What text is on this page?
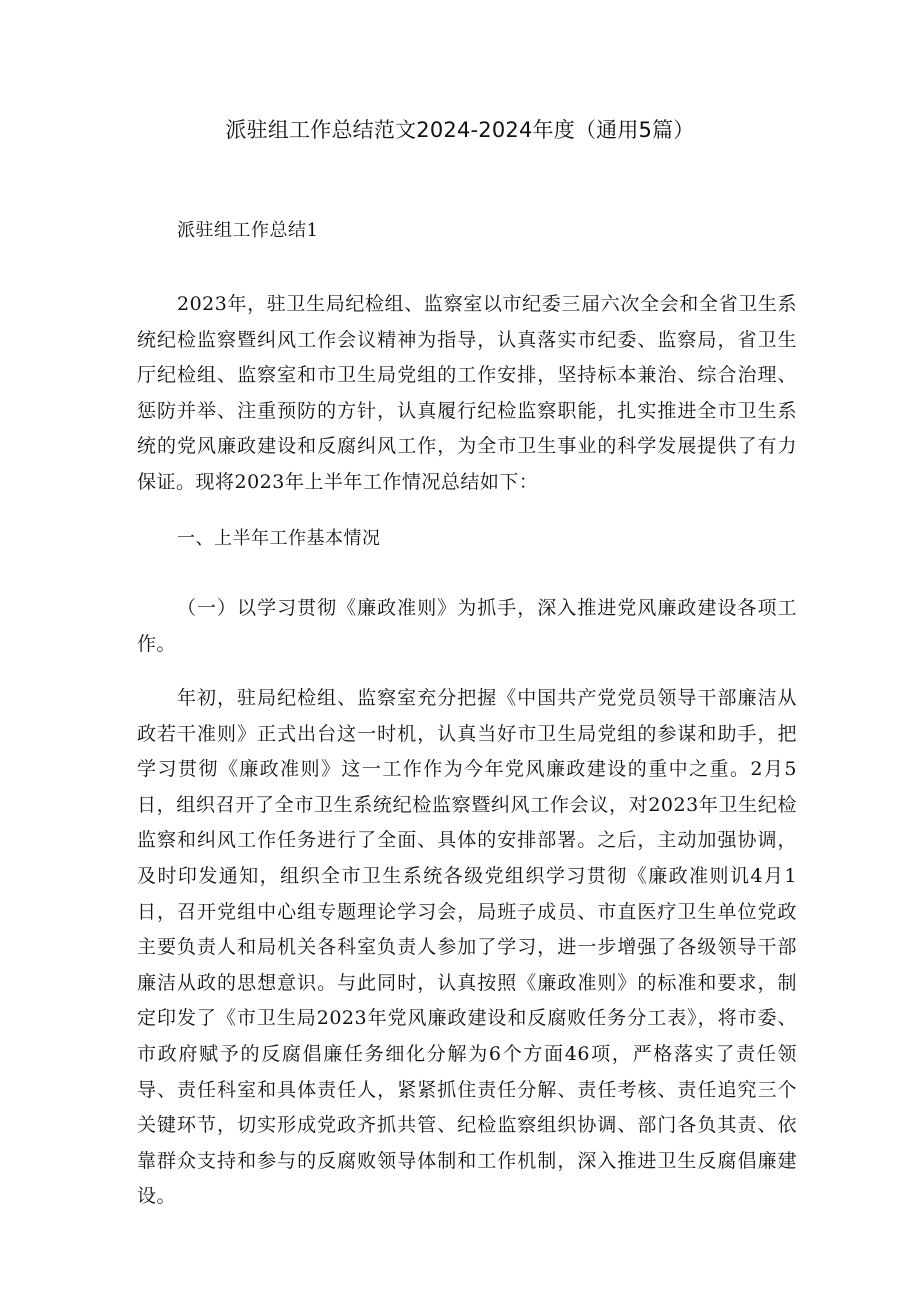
派驻组工作总结范文2024-2024年度（通用5篇）

派驻组工作总结1

2023年，驻卫生局纪检组、监察室以市纪委三届六次全会和全省卫生系统纪检监察暨纠风工作会议精神为指导，认真落实市纪委、监察局，省卫生厅纪检组、监察室和市卫生局党组的工作安排，坚持标本兼治、综合治理、惩防并举、注重预防的方针，认真履行纪检监察职能，扎实推进全市卫生系统的党风廉政建设和反腐纠风工作，为全市卫生事业的科学发展提供了有力保证。现将2023年上半年工作情况总结如下：

一、上半年工作基本情况

（一）以学习贯彻《廉政准则》为抓手，深入推进党风廉政建设各项工作。

年初，驻局纪检组、监察室充分把握《中国共产党党员领导干部廉洁从政若干准则》正式出台这一时机，认真当好市卫生局党组的参谋和助手，把学习贯彻《廉政准则》这一工作作为今年党风廉政建设的重中之重。2月5日，组织召开了全市卫生系统纪检监察暨纠风工作会议，对2023年卫生纪检监察和纠风工作任务进行了全面、具体的安排部署。之后，主动加强协调，及时印发通知，组织全市卫生系统各级党组织学习贯彻《廉政准则讥4月1日，召开党组中心组专题理论学习会，局班子成员、市直医疗卫生单位党政主要负责人和局机关各科室负责人参加了学习，进一步增强了各级领导干部廉洁从政的思想意识。与此同时，认真按照《廉政准则》的标准和要求，制定印发了《市卫生局2023年党风廉政建设和反腐败任务分工表》，将市委、市政府赋予的反腐倡廉任务细化分解为6个方面46项，严格落实了责任领导、责任科室和具体责任人，紧紧抓住责任分解、责任考核、责任追究三个关键环节，切实形成党政齐抓共管、纪检监察组织协调、部门各负其责、依靠群众支持和参与的反腐败领导体制和工作机制，深入推进卫生反腐倡廉建设。
